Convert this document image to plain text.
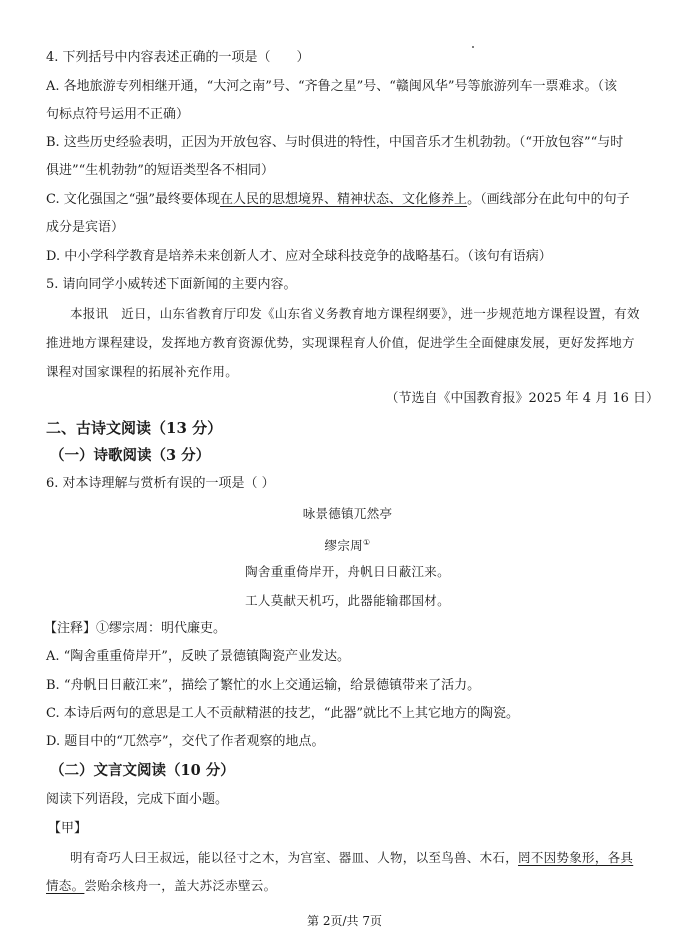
4. 下列括号中内容表述正确的一项是（　　）
A. 各地旅游专列相继开通，“大河之南”号、“齐鲁之星”号、“赣闽风华”号等旅游列车一票难求。（该
句标点符号运用不正确）
B. 这些历史经验表明，正因为开放包容、与时俱进的特性，中国音乐才生机勃勃。（“开放包容”“与时
俱进”“生机勃勃”的短语类型各不相同）
C. 文化强国之“强”最终要体现在人民的思想境界、精神状态、文化修养上。（画线部分在此句中的句子
成分是宾语）
D. 中小学科学教育是培养未来创新人才、应对全球科技竞争的战略基石。（该句有语病）
5. 请向同学小威转述下面新闻的主要内容。
本报讯　近日，山东省教育厅印发《山东省义务教育地方课程纲要》，进一步规范地方课程设置，有效
推进地方课程建设，发挥地方教育资源优势，实现课程育人价值，促进学生全面健康发展，更好发挥地方
课程对国家课程的拓展补充作用。
（节选自《中国教育报》2025 年 4 月 16 日）
二、古诗文阅读（13 分）
（一）诗歌阅读（3 分）
6. 对本诗理解与赏析有误的一项是（ ）
咏景德镇兀然亭
缪宗周①
陶舍重重倚岸开，舟帆日日蔽江来。
工人莫献天机巧，此器能输郡国材。
【注释】①缪宗周：明代廉吏。
A. “陶舍重重倚岸开”，反映了景德镇陶瓷产业发达。
B. “舟帆日日蔽江来”，描绘了繁忙的水上交通运输，给景德镇带来了活力。
C. 本诗后两句的意思是工人不贡献精湛的技艺，“此器”就比不上其它地方的陶瓷。
D. 题目中的“兀然亭”，交代了作者观察的地点。
（二）文言文阅读（10 分）
阅读下列语段，完成下面小题。
【甲】
明有奇巧人曰王叔远，能以径寸之木，为宫室、器皿、人物，以至鸟兽、木石，罔不因势象形，各具
情态。尝贻余核舟一，盖大苏泛赤壁云。
第 2页/共 7页
